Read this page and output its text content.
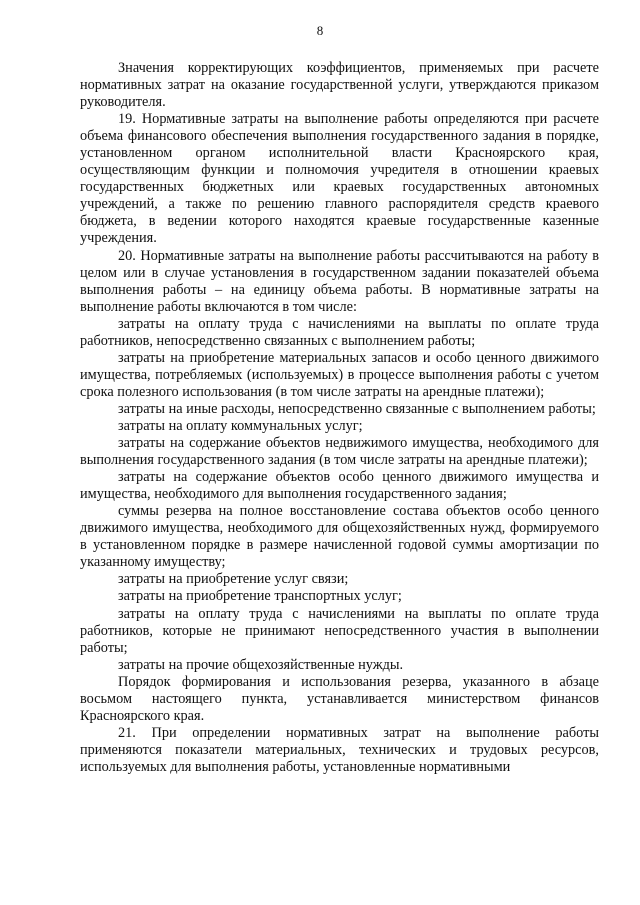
8

Значения корректирующих коэффициентов, применяемых при расчете нормативных затрат на оказание государственной услуги, утверждаются приказом руководителя.

19. Нормативные затраты на выполнение работы определяются при расчете объема финансового обеспечения выполнения государственного задания в порядке, установленном органом исполнительной власти Красноярского края, осуществляющим функции и полномочия учредителя в отношении краевых государственных бюджетных или краевых государственных автономных учреждений, а также по решению главного распорядителя средств краевого бюджета, в ведении которого находятся краевые государственные казенные учреждения.

20. Нормативные затраты на выполнение работы рассчитываются на работу в целом или в случае установления в государственном задании показателей объема выполнения работы – на единицу объема работы. В нормативные затраты на выполнение работы включаются в том числе:

затраты на оплату труда с начислениями на выплаты по оплате труда работников, непосредственно связанных с выполнением работы;

затраты на приобретение материальных запасов и особо ценного движимого имущества, потребляемых (используемых) в процессе выполнения работы с учетом срока полезного использования (в том числе затраты на арендные платежи);

затраты на иные расходы, непосредственно связанные с выполнением работы;

затраты на оплату коммунальных услуг;

затраты на содержание объектов недвижимого имущества, необходимого для выполнения государственного задания (в том числе затраты на арендные платежи);

затраты на содержание объектов особо ценного движимого имущества и имущества, необходимого для выполнения государственного задания;

суммы резерва на полное восстановление состава объектов особо ценного движимого имущества, необходимого для общехозяйственных нужд, формируемого в установленном порядке в размере начисленной годовой суммы амортизации по указанному имуществу;

затраты на приобретение услуг связи;

затраты на приобретение транспортных услуг;

затраты на оплату труда с начислениями на выплаты по оплате труда работников, которые не принимают непосредственного участия в выполнении работы;

затраты на прочие общехозяйственные нужды.

Порядок формирования и использования резерва, указанного в абзаце восьмом настоящего пункта, устанавливается министерством финансов Красноярского края.

21. При определении нормативных затрат на выполнение работы применяются показатели материальных, технических и трудовых ресурсов, используемых для выполнения работы, установленные нормативными
